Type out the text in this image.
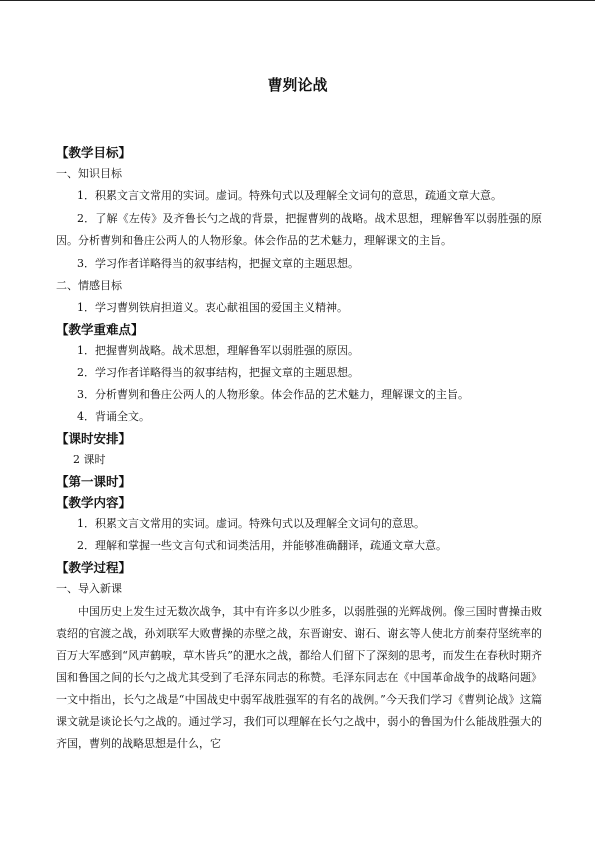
曹刿论战
【教学目标】
一、知识目标

1．积累文言文常用的实词。虚词。特殊句式以及理解全文词句的意思，疏通文章大意。

2．了解《左传》及齐鲁长勺之战的背景，把握曹刿的战略。战术思想，理解鲁军以弱胜强的原因。分析曹刿和鲁庄公两人的人物形象。体会作品的艺术魅力，理解课文的主旨。

3．学习作者详略得当的叙事结构，把握文章的主题思想。

二、情感目标

1．学习曹刿铁肩担道义。衷心献祖国的爱国主义精神。

【教学重难点】

1．把握曹刿战略。战术思想，理解鲁军以弱胜强的原因。

2．学习作者详略得当的叙事结构，把握文章的主题思想。

3．分析曹刿和鲁庄公两人的人物形象。体会作品的艺术魅力，理解课文的主旨。

4．背诵全文。

【课时安排】

2 课时

【第一课时】
【教学内容】

1．积累文言文常用的实词。虚词。特殊句式以及理解全文词句的意思。

2．理解和掌握一些文言句式和词类活用，并能够准确翻译，疏通文章大意。

【教学过程】
一、导入新课

中国历史上发生过无数次战争，其中有许多以少胜多，以弱胜强的光辉战例。像三国时曹操击败袁绍的官渡之战，孙刘联军大败曹操的赤壁之战，东晋谢安、谢石、谢玄等人使北方前秦苻坚统率的百万大军感到“风声鹤唳，草木皆兵”的淝水之战，都给人们留下了深刻的思考，而发生在春秋时期齐国和鲁国之间的长勺之战尤其受到了毛泽东同志的称赞。毛泽东同志在《中国革命战争的战略问题》一文中指出，长勺之战是“中国战史中弱军战胜强军的有名的战例。”今天我们学习《曹刿论战》这篇课文就是谈论长勺之战的。通过学习，我们可以理解在长勺之战中，弱小的鲁国为什么能战胜强大的齐国，曹刿的战略思想是什么，它
